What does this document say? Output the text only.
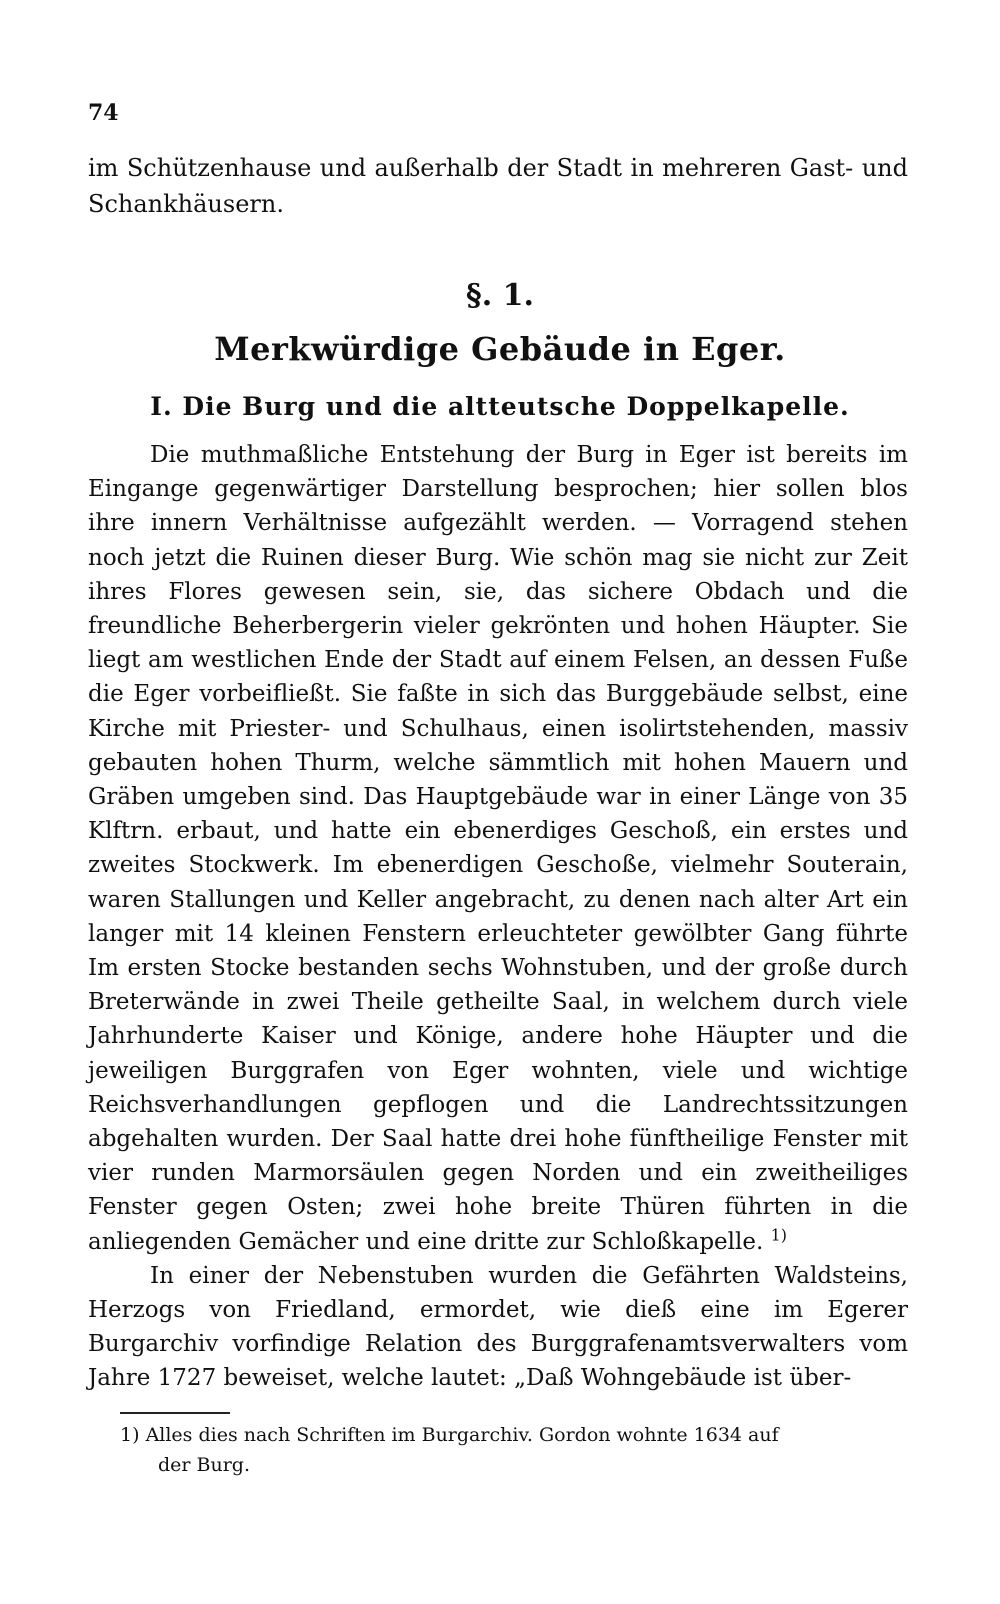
74
im Schützenhause und außerhalb der Stadt in mehreren Gast- und Schankhäusern.
§. 1.
Merkwürdige Gebäude in Eger.
I. Die Burg und die altteutsche Doppelkapelle.

Die muthmaßliche Entstehung der Burg in Eger ist bereits im Eingange gegenwärtiger Darstellung besprochen; hier sollen blos ihre innern Verhältnisse aufgezählt werden. — Vorragend stehen noch jetzt die Ruinen dieser Burg. Wie schön mag sie nicht zur Zeit ihres Flores gewesen sein, sie, das sichere Obdach und die freundliche Beherbergerin vieler gekrönten und hohen Häupter. Sie liegt am westlichen Ende der Stadt auf einem Felsen, an dessen Fuße die Eger vorbeifließt. Sie faßte in sich das Burggebäude selbst, eine Kirche mit Priester- und Schulhaus, einen isolirtstehenden, massiv gebauten hohen Thurm, welche sämmtlich mit hohen Mauern und Gräben umgeben sind. Das Hauptgebäude war in einer Länge von 35 Klftrn. erbaut, und hatte ein ebenerdiges Geschoß, ein erstes und zweites Stockwerk. Im ebenerdigen Geschoße, vielmehr Souterain, waren Stallungen und Keller angebracht, zu denen nach alter Art ein langer mit 14 kleinen Fenstern erleuchteter gewölbter Gang führte Im ersten Stocke bestanden sechs Wohnstuben, und der große durch Breterwände in zwei Theile getheilte Saal, in welchem durch viele Jahrhunderte Kaiser und Könige, andere hohe Häupter und die jeweiligen Burggrafen von Eger wohnten, viele und wichtige Reichsverhandlungen gepflogen und die Landrechtssitzungen abgehalten wurden. Der Saal hatte drei hohe fünftheilige Fenster mit vier runden Marmorsäulen gegen Norden und ein zweitheiliges Fenster gegen Osten; zwei hohe breite Thüren führten in die anliegenden Gemächer und eine dritte zur Schloßkapelle. $^{1)}$

In einer der Nebenstuben wurden die Gefährten Waldsteins, Herzogs von Friedland, ermordet, wie dieß eine im Egerer Burgarchiv vorfindige Relation des Burggrafenamtsverwalters vom Jahre 1727 beweiset, welche lautet: „Daß Wohngebäude ist über-

1) Alles dies nach Schriften im Burgarchiv. Gordon wohnte 1634 auf
der Burg.
